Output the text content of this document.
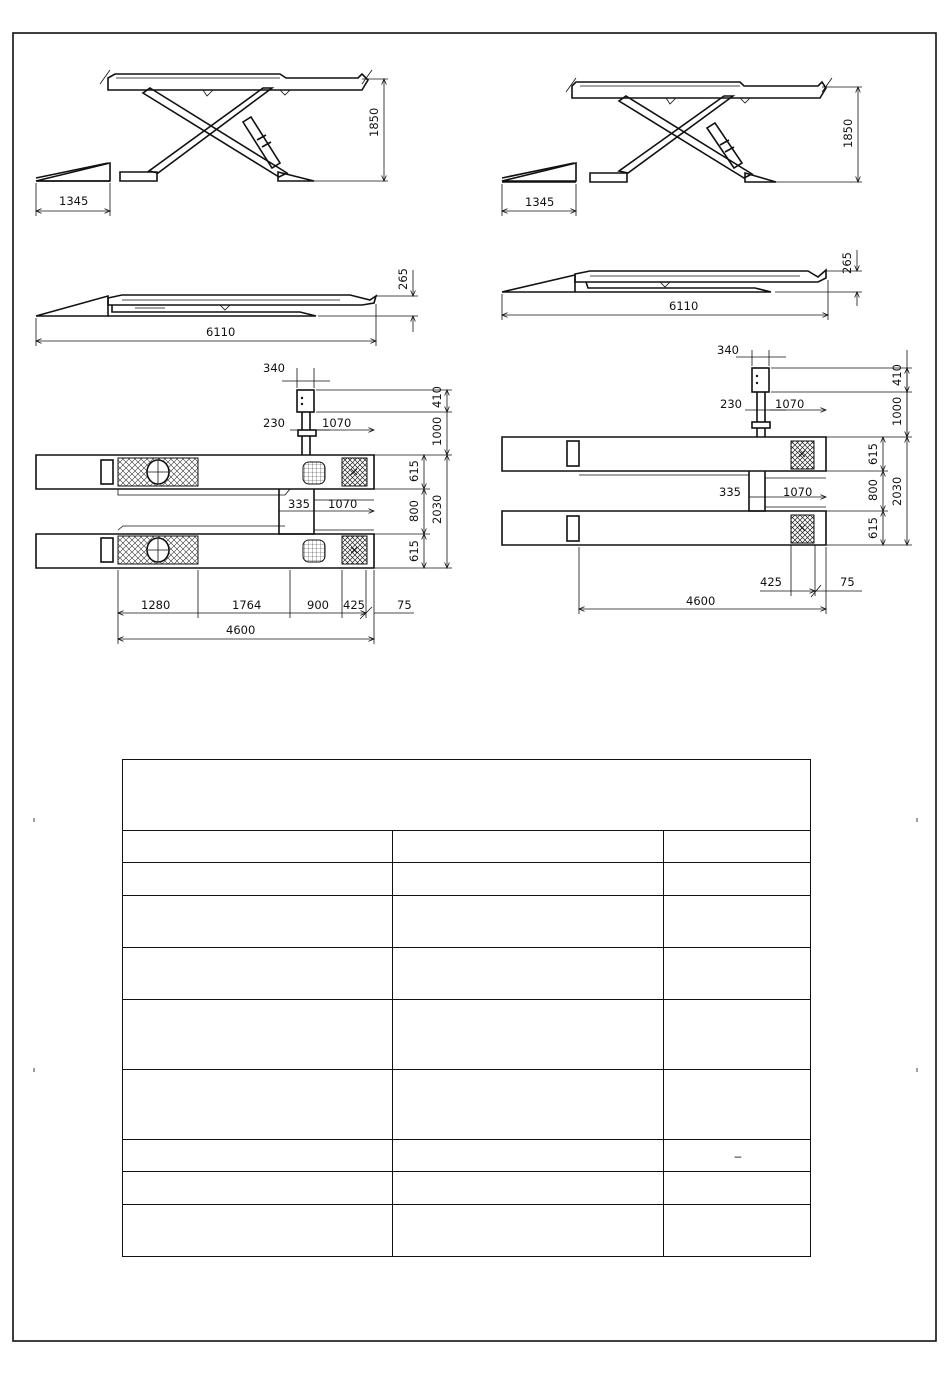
1345
1850
1345
1850
6110
265
6110
265
340
230	1070
410
1000
615
800
615
2030
335 1070
1280	1764	900 425	75
4600
340
230	1070
410
1000
615
800
615
2030
335	1070
425	75
4600
–
